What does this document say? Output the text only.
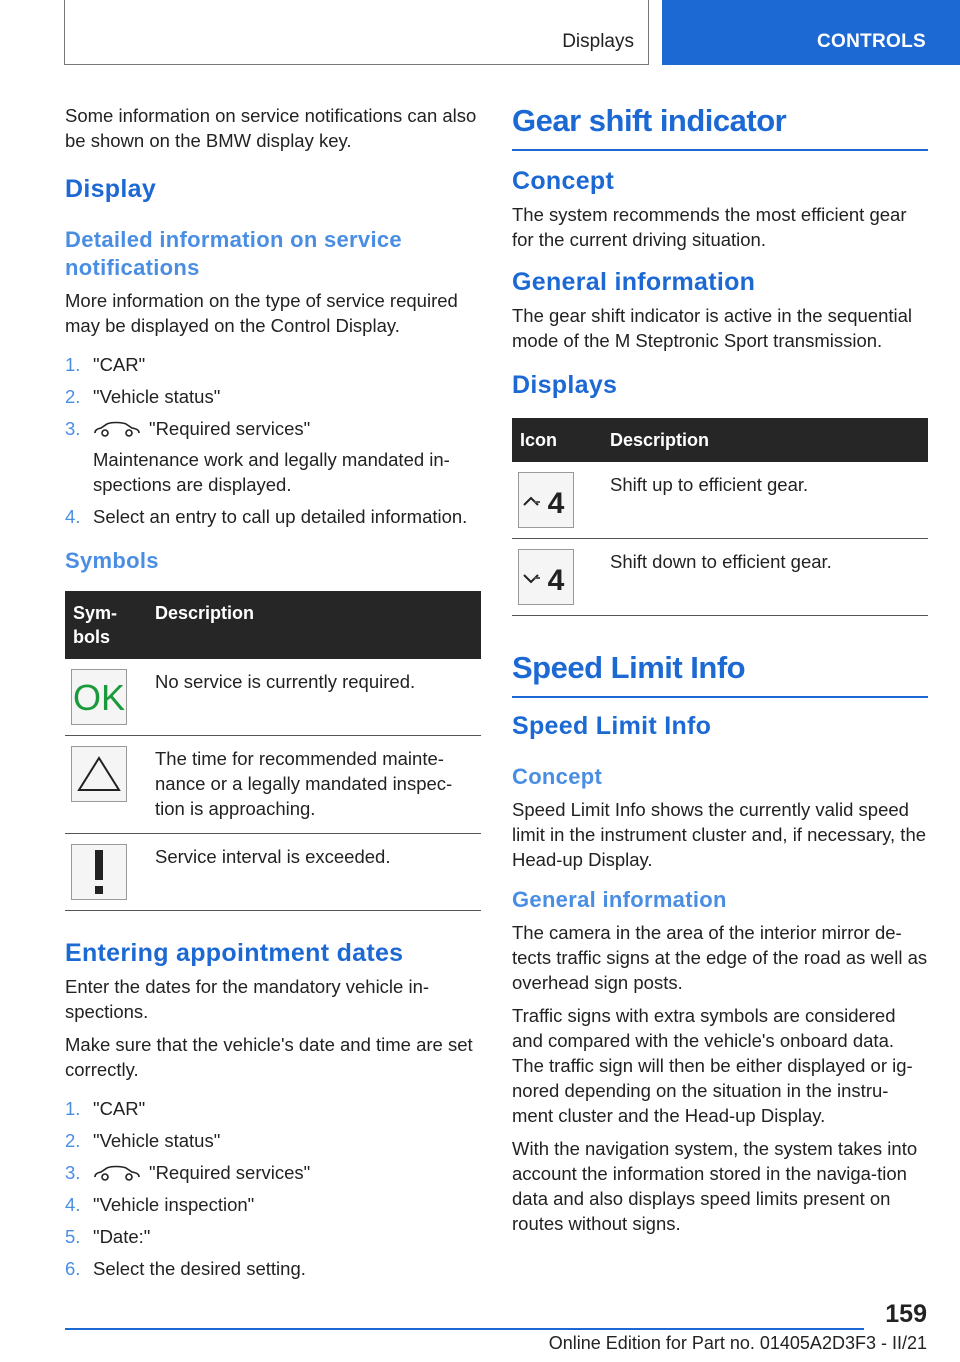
Displays	CONTROLS

Some information on service notifications can also be shown on the BMW display key.

Display
Detailed information on service notifications

More information on the type of service required may be displayed on the Control Display.

1. "CAR"
2. "Vehicle status"
3.	"Required services"
Maintenance work and legally mandated in-spections are displayed.
4. Select an entry to call up detailed information.
Symbols
Sym-bols	Description

OK	No service is currently required.

	The time for recommended mainte-nance or a legally mandated inspec-tion is approaching.

	Service interval is exceeded.
Entering appointment dates

Enter the dates for the mandatory vehicle in-spections.

Make sure that the vehicle's date and time are set correctly.

1. "CAR"
2. "Vehicle status"
3.	"Required services"
4. "Vehicle inspection"
5. "Date:"
6. Select the desired setting.
Gear shift indicator
Concept

The system recommends the most efficient gear for the current driving situation.

General information

The gear shift indicator is active in the sequential mode of the M Steptronic Sport transmission.

Displays
Icon	Description

4	Shift up to efficient gear.

4	Shift down to efficient gear.
Speed Limit Info
Speed Limit Info
Concept

Speed Limit Info shows the currently valid speed limit in the instrument cluster and, if necessary, the Head-up Display.

General information

The camera in the area of the interior mirror de-tects traffic signs at the edge of the road as well as overhead sign posts.

Traffic signs with extra symbols are considered and compared with the vehicle's onboard data. The traffic sign will then be either displayed or ig-nored depending on the situation in the instru-ment cluster and the Head-up Display.

With the navigation system, the system takes into account the information stored in the naviga-tion data and also displays speed limits present on routes without signs.

159
Online Edition for Part no. 01405A2D3F3 - II/21
